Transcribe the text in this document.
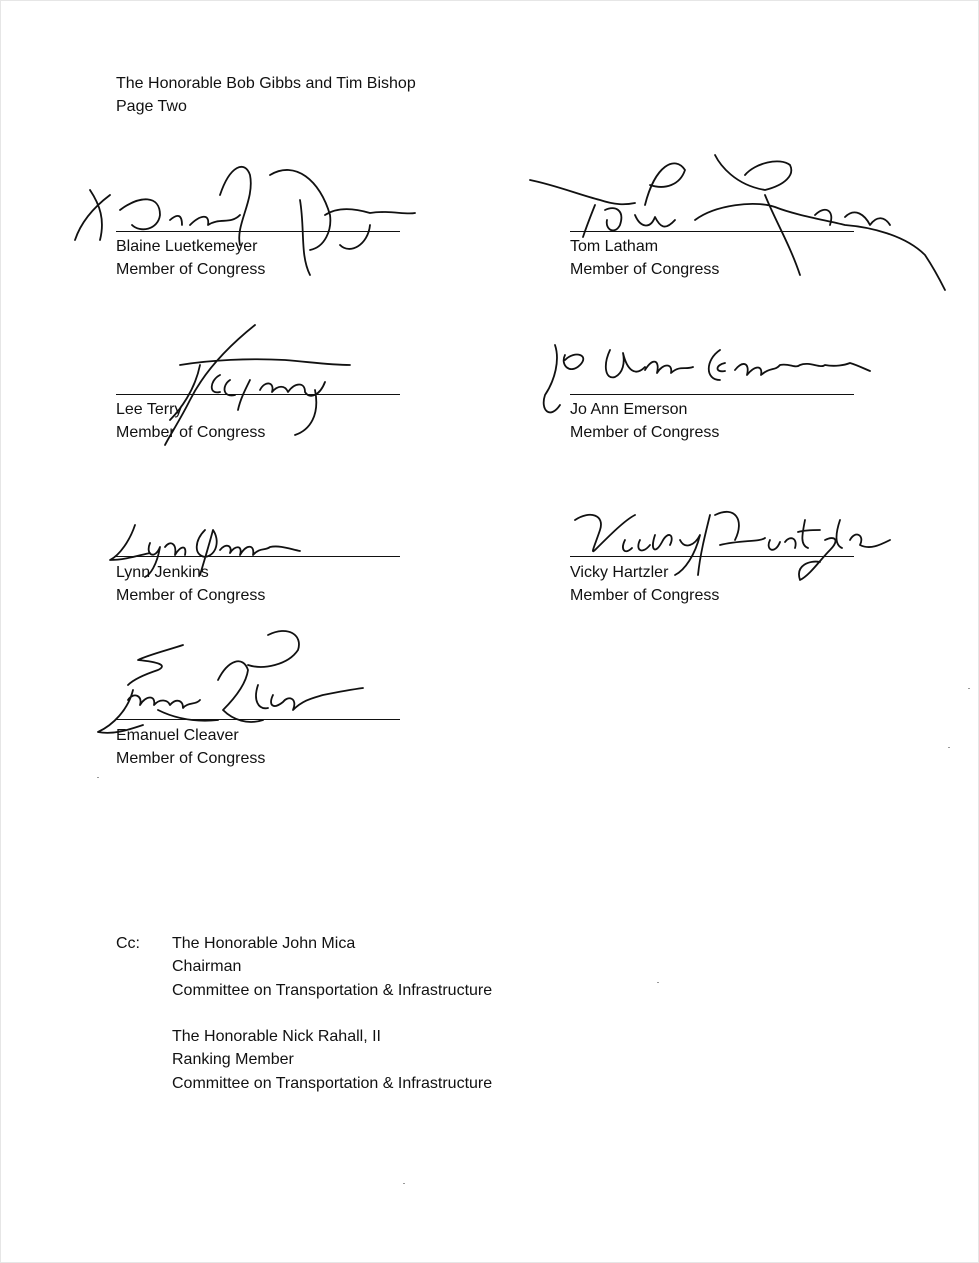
The Honorable Bob Gibbs and Tim Bishop
Page Two
Blaine Luetkemeyer
Member of Congress
Tom Latham
Member of Congress
Lee Terry
Member of Congress
Jo Ann Emerson
Member of Congress
Lynn Jenkins
Member of Congress
Vicky Hartzler
Member of Congress
Emanuel Cleaver
Member of Congress
Cc: The Honorable John Mica
Chairman
Committee on Transportation & Infrastructure
The Honorable Nick Rahall, II
Ranking Member
Committee on Transportation & Infrastructure
